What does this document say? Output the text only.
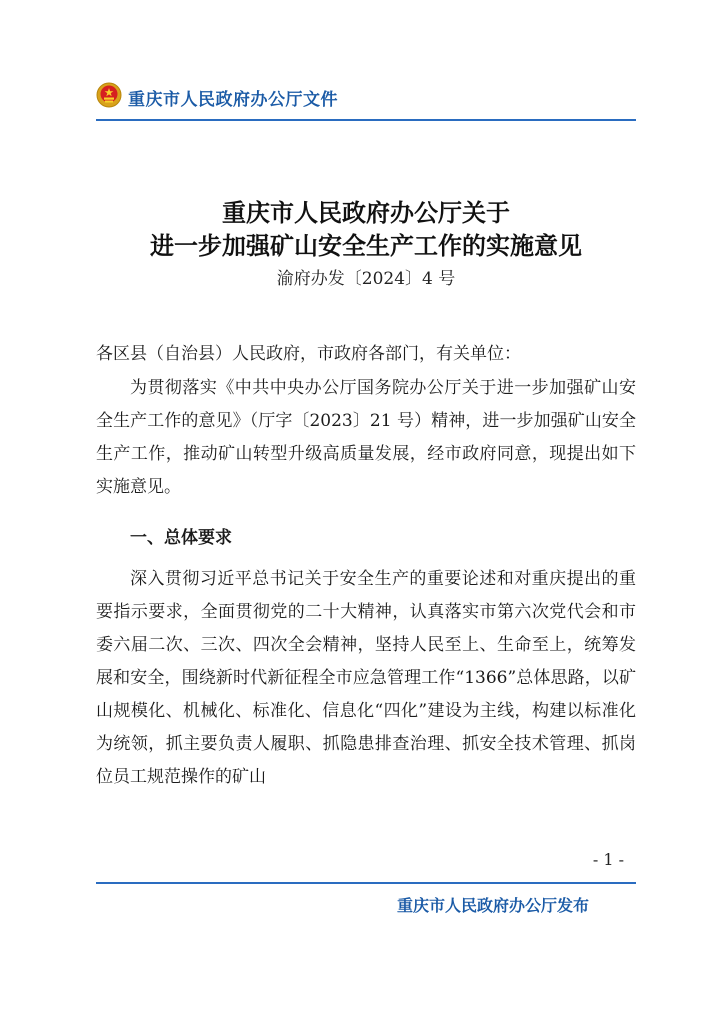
重庆市人民政府办公厅文件
重庆市人民政府办公厅关于
进一步加强矿山安全生产工作的实施意见
渝府办发〔2024〕4 号
各区县（自治县）人民政府，市政府各部门，有关单位：
为贯彻落实《中共中央办公厅国务院办公厅关于进一步加强矿山安全生产工作的意见》（厅字〔2023〕21 号）精神，进一步加强矿山安全生产工作，推动矿山转型升级高质量发展，经市政府同意，现提出如下实施意见。
一、总体要求
深入贯彻习近平总书记关于安全生产的重要论述和对重庆提出的重要指示要求，全面贯彻党的二十大精神，认真落实市第六次党代会和市委六届二次、三次、四次全会精神，坚持人民至上、生命至上，统筹发展和安全，围绕新时代新征程全市应急管理工作“1366”总体思路，以矿山规模化、机械化、标准化、信息化“四化”建设为主线，构建以标准化为统领，抓主要负责人履职、抓隐患排查治理、抓安全技术管理、抓岗位员工规范操作的矿山
- 1 -
重庆市人民政府办公厅发布
